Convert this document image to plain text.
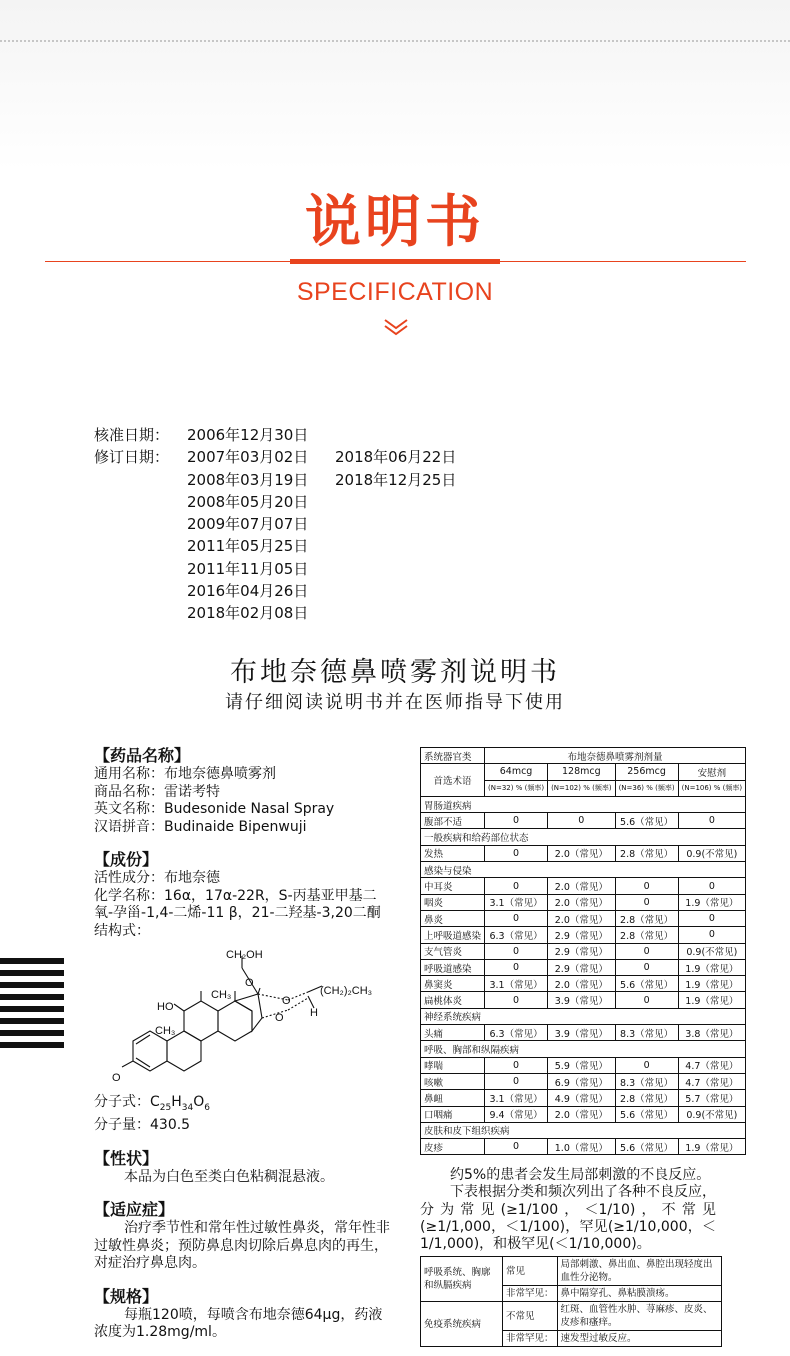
说明书
SPECIFICATION
核准日期： 2006年12月30日
修订日期： 2007年03月02日 2018年06月22日
2008年03月19日 2018年12月25日
2008年05月20日
2009年07月07日
2011年05月25日
2011年11月05日
2016年04月26日
2018年02月08日
布地奈德鼻喷雾剂说明书
请仔细阅读说明书并在医师指导下使用
【药品名称】
通用名称：布地奈德鼻喷雾剂
商品名称：雷诺考特
英文名称：Budesonide Nasal Spray
汉语拼音：Budinaide Bipenwuji
【成份】
活性成分：布地奈德
化学名称：16α，17α-22R，S-丙基亚甲基二氧-孕甾-1,4-二烯-11 β，21-二羟基-3,20二酮
结构式：
分子式：$C_{25}H_{34}O_6$
分子量：430.5
【性状】
本品为白色至类白色粘稠混悬液。
【适应症】
治疗季节性和常年性过敏性鼻炎，常年性非过敏性鼻炎；预防鼻息肉切除后鼻息肉的再生，对症治疗鼻息肉。
【规格】
每瓶120喷，每喷含布地奈德64μg，药液浓度为1.28mg/ml。
CH₂OH
O
HO
CH₃
CH₃
O
O H
(CH₂)₂CH₃
O
系统器官类	布地奈德鼻喷雾剂剂量			
首选术语	64mcg	128mcg	256mcg	安慰剂
	(N=32) % (频率)	(N=102) % (频率)	(N=36) % (频率)	(N=106) % (频率)
胃肠道疾病				
腹部不适	0	0	5.6（常见）	0
一般疾病和给药部位状态				
发热	0	2.0（常见）	2.8（常见）	0.9(不常见)
感染与侵染				
中耳炎	0	2.0（常见）	0	0
咽炎	3.1（常见）	2.0（常见）	0	1.9（常见）
鼻炎	0	2.0（常见）	2.8（常见）	0
上呼吸道感染	6.3（常见）	2.9（常见）	2.8（常见）	0
支气管炎	0	2.9（常见）	0	0.9(不常见)
呼吸道感染	0	2.9（常见）	0	1.9（常见）
鼻窦炎	3.1（常见）	2.0（常见）	5.6（常见）	1.9（常见）
扁桃体炎	0	3.9（常见）	0	1.9（常见）
神经系统疾病				
头痛	6.3（常见）	3.9（常见）	8.3（常见）	3.8（常见）
呼吸、胸部和纵隔疾病				
哮喘	0	5.9（常见）	0	4.7（常见）
咳嗽	0	6.9（常见）	8.3（常见）	4.7（常见）
鼻衄	3.1（常见）	4.9（常见）	2.8（常见）	5.7（常见）
口咽痛	9.4（常见）	2.0（常见）	5.6（常见）	0.9(不常见)
皮肤和皮下组织疾病				
皮疹	0	1.0（常见）	5.6（常见）	1.9（常见）

约5%的患者会发生局部刺激的不良反应。

下表根据分类和频次列出了各种不良反应，分为常见(≥1/100，＜1/10)，不常见(≥1/1,000，＜1/100)，罕见(≥1/10,000，＜1/1,000)，和极罕见(＜1/10,000)。

呼吸系统、胸廓和纵膈疾病	常见	局部刺激、鼻出血、鼻腔出现轻度出血性分泌物。
	非常罕见：	鼻中隔穿孔、鼻粘膜溃疡。
免疫系统疾病	不常见	红斑、血管性水肿、荨麻疹、皮炎、皮疹和瘙痒。
	非常罕见：	速发型过敏反应。
